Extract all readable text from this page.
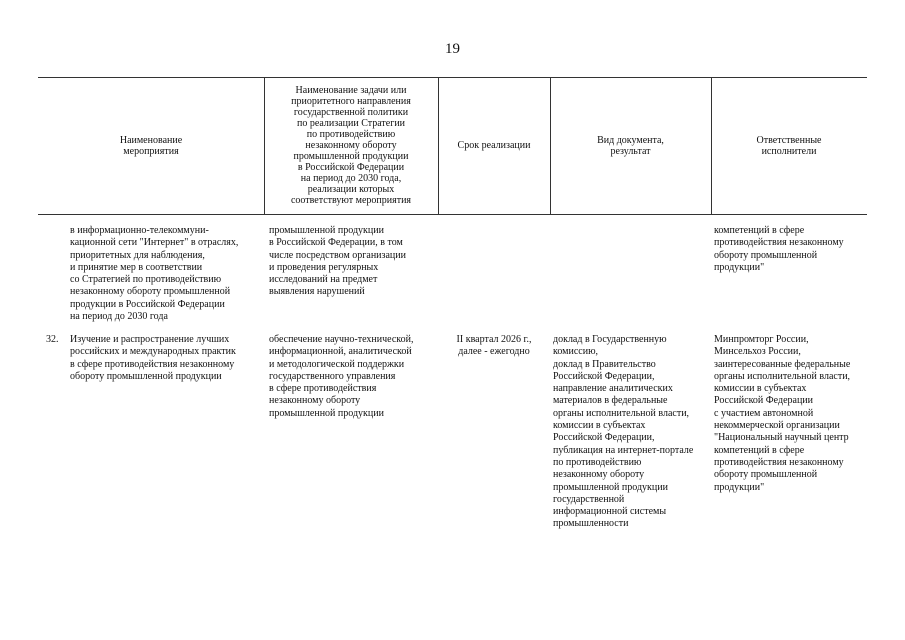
19
Наименование
мероприятия
Наименование задачи или
приоритетного направления
государственной политики
по реализации Стратегии
по противодействию
незаконному обороту
промышленной продукции
в Российской Федерации
на период до 2030 года,
реализации которых
соответствуют мероприятия
Срок реализации	Вид документа,
результат
Ответственные
исполнители
в информационно-телекоммуни-
кационной сети "Интернет" в отраслях,
приоритетных для наблюдения,
и принятие мер в соответствии
со Стратегией по противодействию
незаконному обороту промышленной
продукции в Российской Федерации
на период до 2030 года
промышленной продукции
в Российской Федерации, в том
числе посредством организации
и проведения регулярных
исследований на предмет
выявления нарушений
компетенций в сфере
противодействия незаконному
обороту промышленной
продукции"
32. Изучение и распространение лучших
российских и международных практик
в сфере противодействия незаконному
обороту промышленной продукции
обеспечение научно-технической,
информационной, аналитической
и методологической поддержки
государственного управления
в сфере противодействия
незаконному обороту
промышленной продукции
II квартал 2026 г.,
далее - ежегодно
доклад в Государственную
комиссию,
доклад в Правительство
Российской Федерации,
направление аналитических
материалов в федеральные
органы исполнительной власти,
комиссии в субъектах
Российской Федерации,
публикация на интернет-портале
по противодействию
незаконному обороту
промышленной продукции
государственной
информационной системы
промышленности
Минпромторг России,
Минсельхоз России,
заинтересованные федеральные
органы исполнительной власти,
комиссии в субъектах
Российской Федерации
с участием автономной
некоммерческой организации
"Национальный научный центр
компетенций в сфере
противодействия незаконному
обороту промышленной
продукции"
